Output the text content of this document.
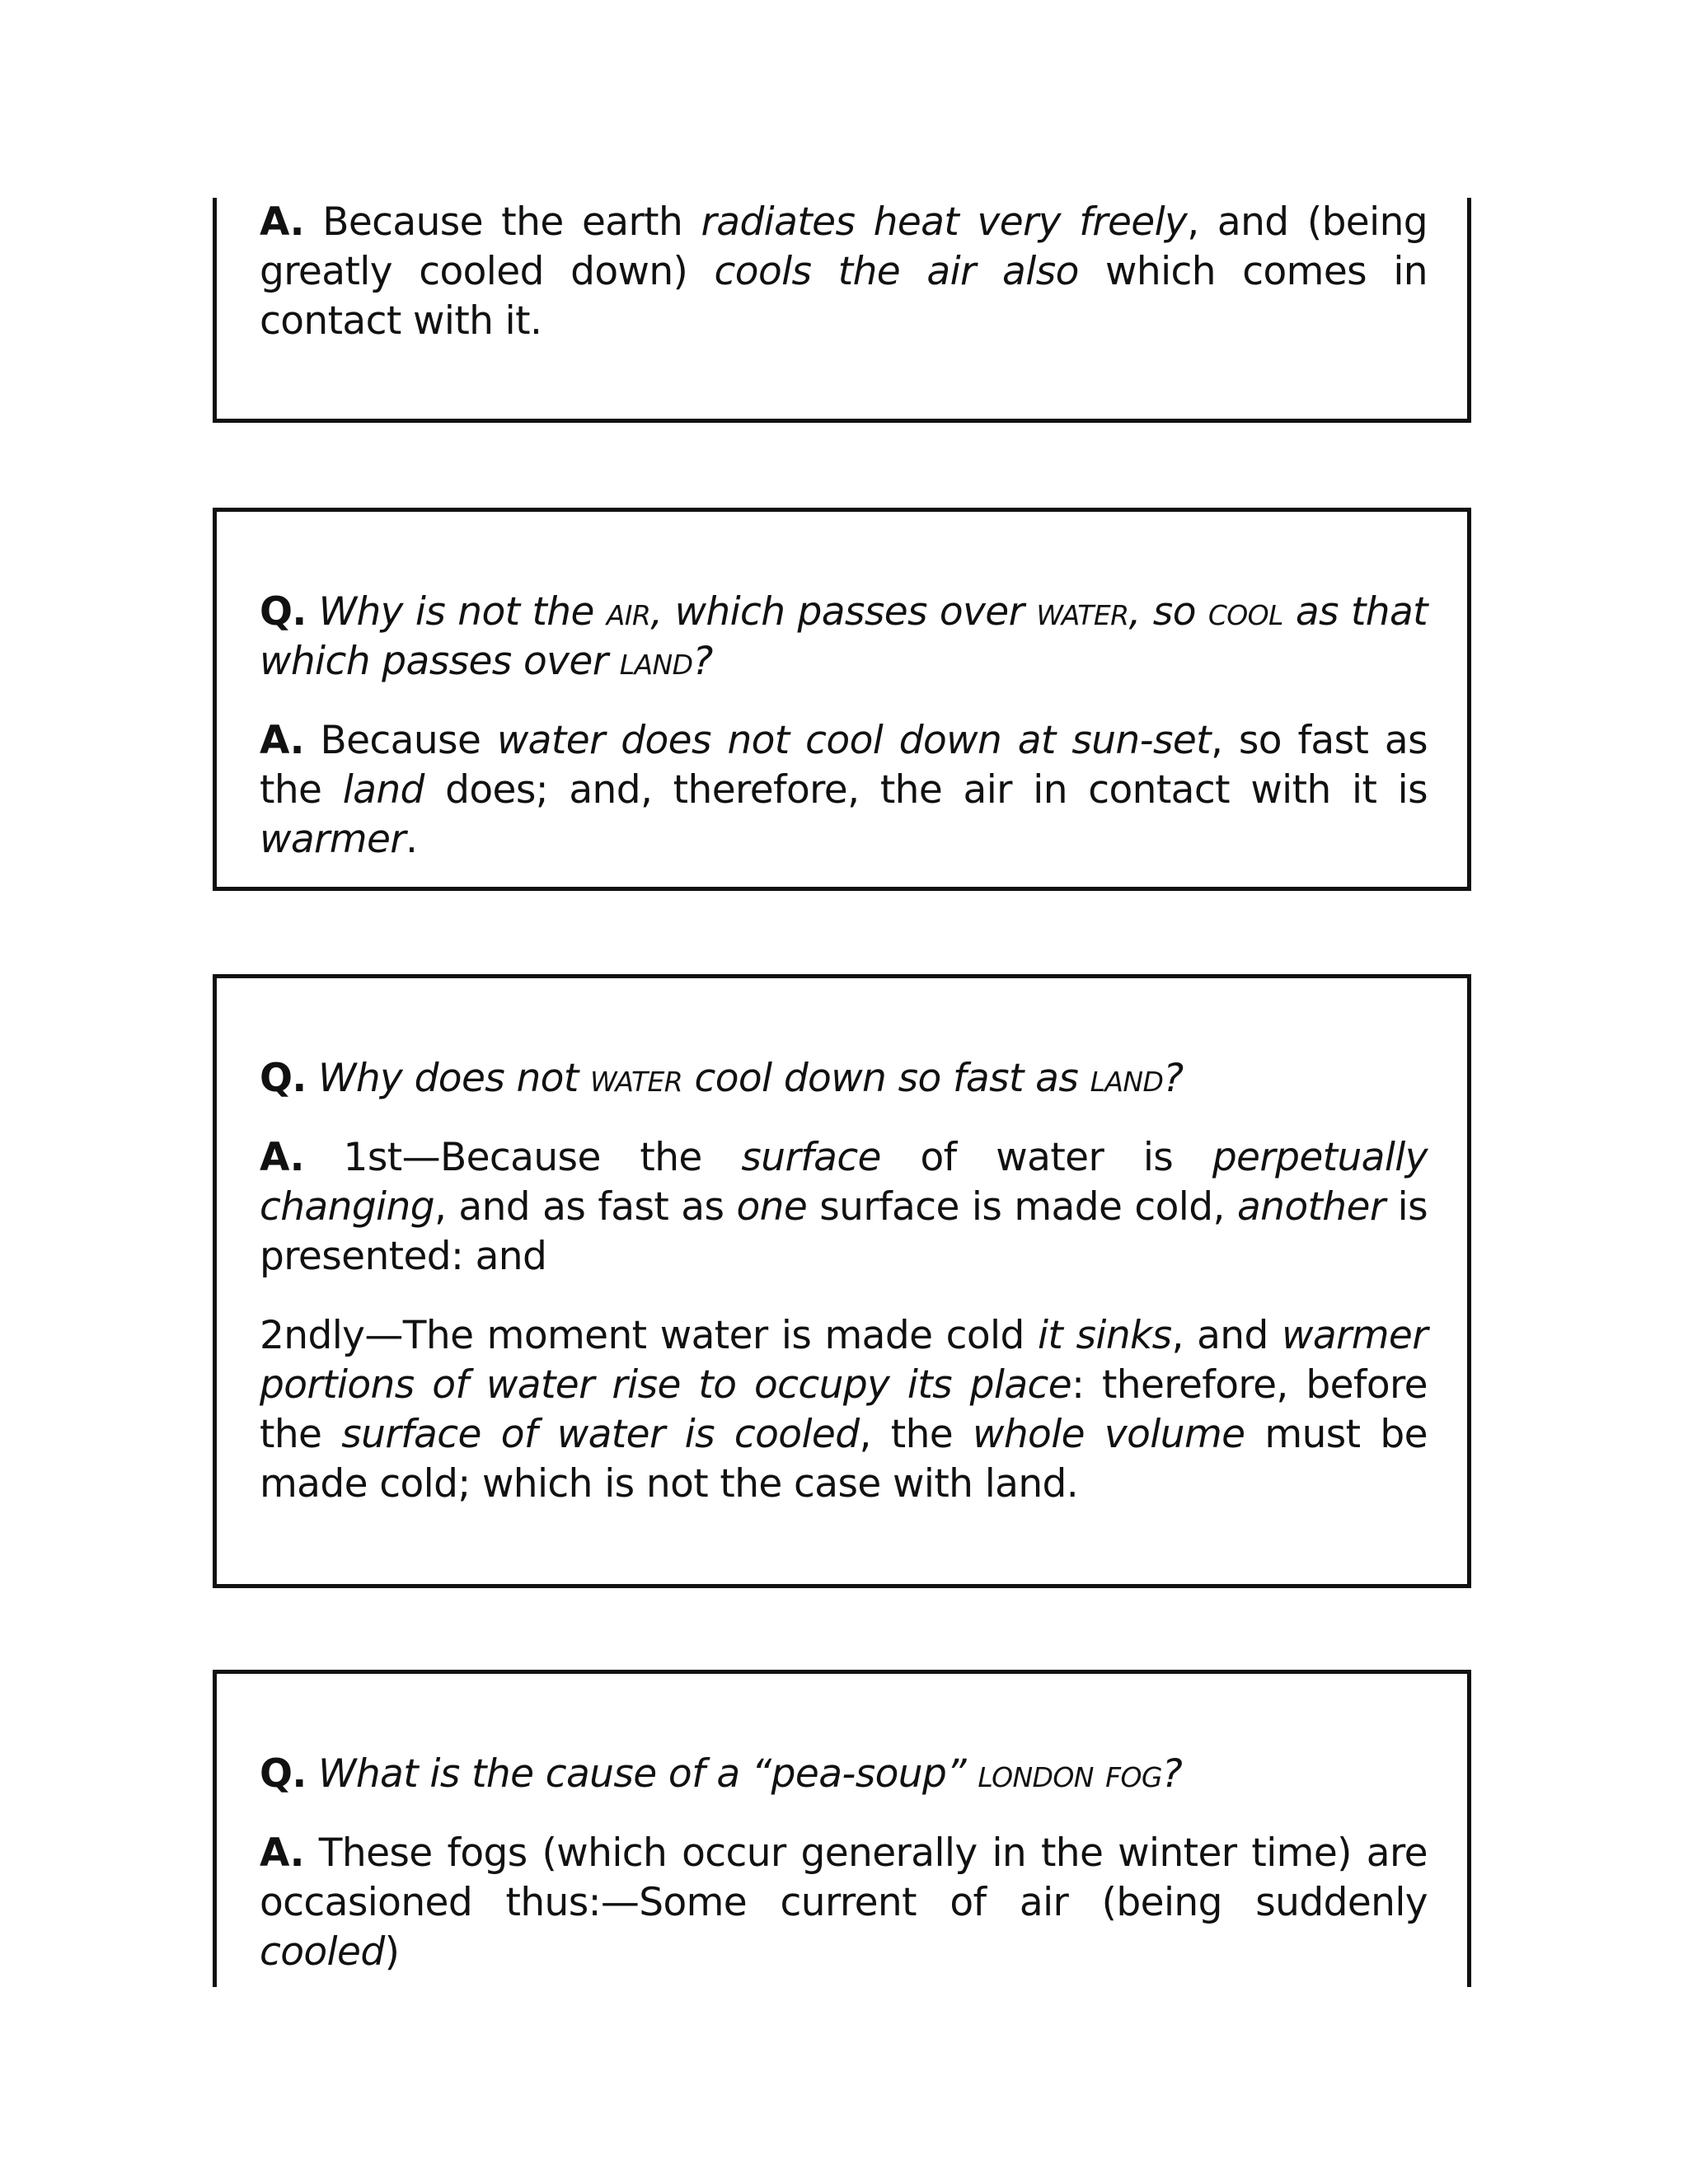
A. Because the earth radiates heat very freely, and (being greatly cooled down) cools the air also which comes in contact with it.

Q. Why is not the air, which passes over water, so cool as that which passes over land?

A. Because water does not cool down at sun-set, so fast as the land does; and, therefore, the air in contact with it is warmer.

Q. Why does not water cool down so fast as land?

A. 1st—Because the surface of water is perpetually changing, and as fast as one surface is made cold, another is presented: and

2ndly—The moment water is made cold it sinks, and warmer portions of water rise to occupy its place: therefore, before the surface of water is cooled, the whole volume must be made cold; which is not the case with land.

Q. What is the cause of a “pea-soup” london fog?

A. These fogs (which occur generally in the winter time) are occasioned thus:—Some current of air (being suddenly cooled)
